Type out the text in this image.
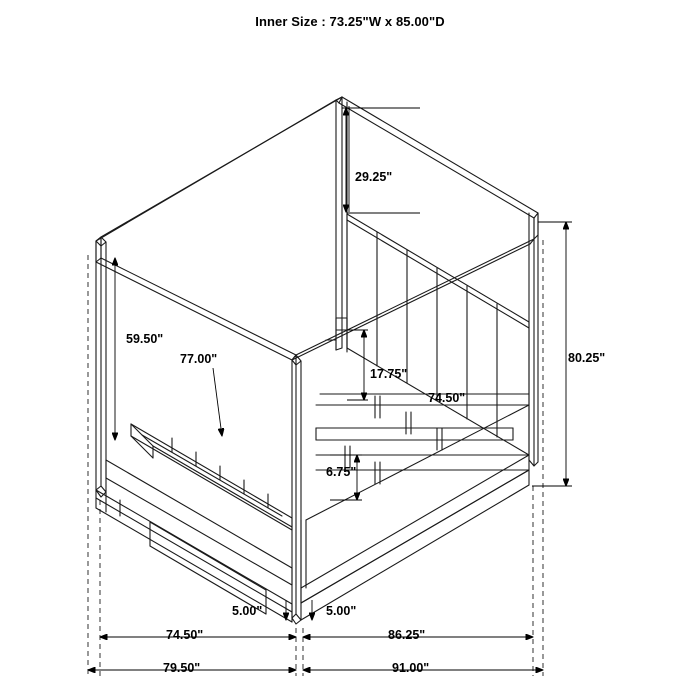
Inner Size : 73.25"W x 85.00"D
29.25"
59.50"
80.25"
77.00"
17.75"
74.50"
6.75"
5.00"	5.00"
74.50"	86.25"
79.50"	91.00"
